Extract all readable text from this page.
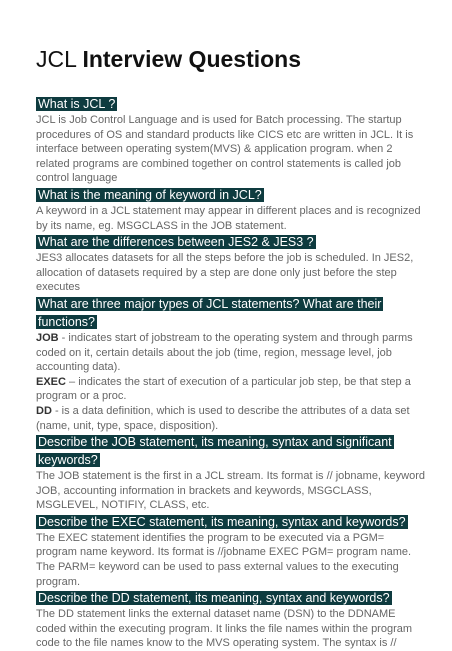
JCL Interview Questions

What is JCL ?

JCL is Job Control Language and is used for Batch processing. The startup procedures of OS and standard products like CICS etc are written in JCL. It is interface between operating system(MVS) & application program. when 2 related programs are combined together on control statements is called job control language

What is the meaning of keyword in JCL?

A keyword in a JCL statement may appear in different places and is recognized by its name, eg. MSGCLASS in the JOB statement.

What are the differences between JES2 & JES3 ?

JES3 allocates datasets for all the steps before the job is scheduled. In JES2, allocation of datasets required by a step are done only just before the step executes

What are three major types of JCL statements? What are their functions?

JOB - indicates start of jobstream to the operating system and through parms coded on it, certain details about the job (time, region, message level, job accounting data).

EXEC – indicates the start of execution of a particular job step, be that step a program or a proc.

DD - is a data definition, which is used to describe the attributes of a data set (name, unit, type, space, disposition).

Describe the JOB statement, its meaning, syntax and significant keywords?

The JOB statement is the first in a JCL stream. Its format is // jobname, keyword JOB, accounting information in brackets and keywords, MSGCLASS, MSGLEVEL, NOTIFIY, CLASS, etc.

Describe the EXEC statement, its meaning, syntax and keywords?

The EXEC statement identifies the program to be executed via a PGM= program name keyword. Its format is //jobname EXEC PGM= program name. The PARM= keyword can be used to pass external values to the executing program.

Describe the DD statement, its meaning, syntax and keywords?

The DD statement links the external dataset name (DSN) to the DDNAME coded within the executing program. It links the file names within the program code to the file names know to the MVS operating system. The syntax is //
